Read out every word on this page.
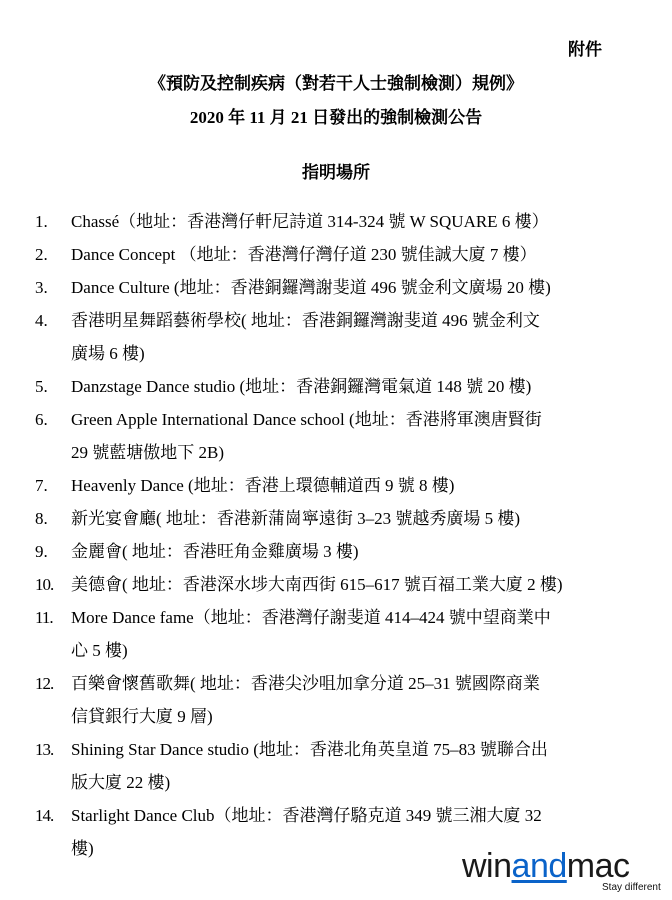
附件
《預防及控制疾病（對若干人士強制檢測）規例》
2020 年 11 月 21 日發出的強制檢測公告
指明場所
1. Chassé（地址：香港灣仔軒尼詩道 314-324 號 W SQUARE 6 樓）
2. Dance Concept （地址：香港灣仔灣仔道 230 號佳誠大廈 7 樓）
3. Dance Culture (地址：香港銅鑼灣謝斐道 496 號金利文廣場 20 樓)
4. 香港明星舞蹈藝術學校( 地址：香港銅鑼灣謝斐道 496 號金利文
廣場 6 樓)
5. Danzstage Dance studio (地址：香港銅鑼灣電氣道 148 號 20 樓)
6. Green Apple International Dance school (地址：香港將軍澳唐賢街
29 號藍塘傲地下 2B)
7. Heavenly Dance (地址：香港上環德輔道西 9 號 8 樓)
8. 新光宴會廳( 地址：香港新蒲崗寧遠街 3–23 號越秀廣場 5 樓)
9. 金麗會( 地址：香港旺角金雞廣場 3 樓)
10. 美德會( 地址：香港深水埗大南西街 615–617 號百福工業大廈 2 樓)
11. More Dance fame（地址：香港灣仔謝斐道 414–424 號中望商業中
心 5 樓)
12. 百樂會懷舊歌舞( 地址：香港尖沙咀加拿分道 25–31 號國際商業
信貸銀行大廈 9 層)
13. Shining Star Dance studio (地址：香港北角英皇道 75–83 號聯合出
版大廈 22 樓)
14. Starlight Dance Club（地址：香港灣仔駱克道 349 號三湘大廈 32
樓)	winandmac
Stay different
